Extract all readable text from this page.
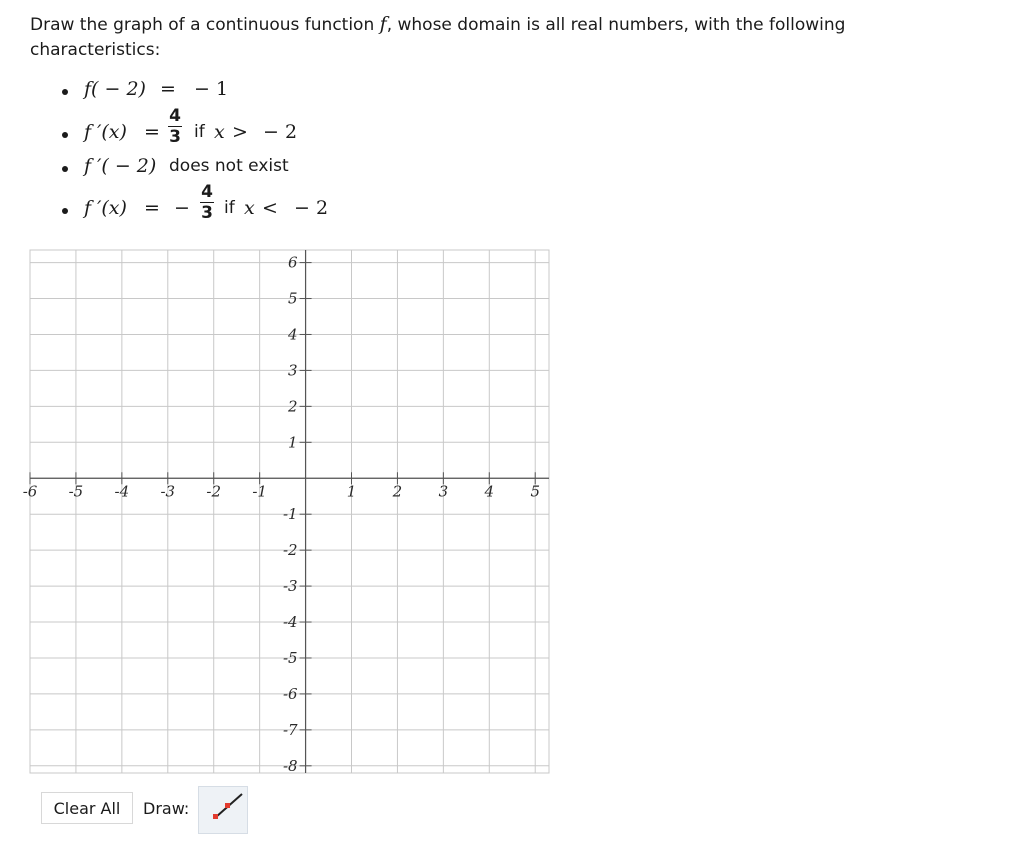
Draw the graph of a continuous function f, whose domain is all real numbers, with the following characteristics:
f( − 2) = − 1
f ′(x) =
4
3 if x > − 2
f ′( − 2) does not exist
f ′(x) = −
4
3 if x < − 2
-6 -5 -4 -3 -2 -1	1 2 3 4 5
6
5
4
3
2
1
-1
-2
-3
-4
-5
-6
-7
-8
Clear All	Draw:
